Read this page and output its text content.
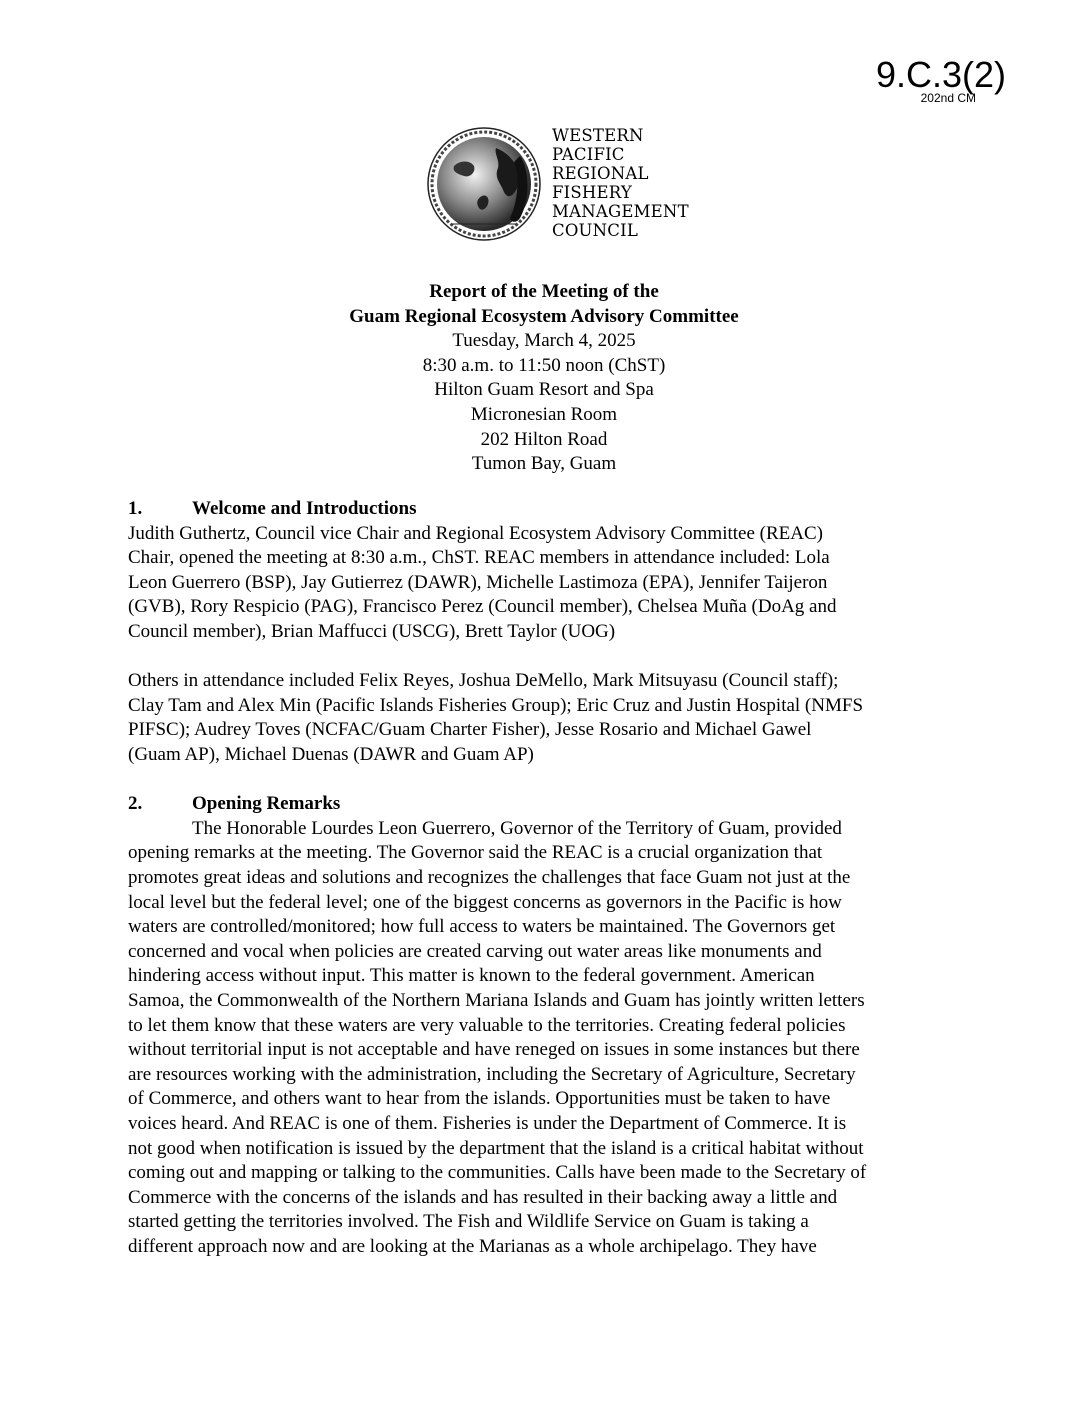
9.C.3(2)
202nd CM
WESTERN
PACIFIC
REGIONAL
FISHERY
MANAGEMENT
COUNCIL
Report of the Meeting of the
Guam Regional Ecosystem Advisory Committee
Tuesday, March 4, 2025
8:30 a.m. to 11:50 noon (ChST)
Hilton Guam Resort and Spa
Micronesian Room
202 Hilton Road
Tumon Bay, Guam
1.	Welcome and Introductions
Judith Guthertz, Council vice Chair and Regional Ecosystem Advisory Committee (REAC)
Chair, opened the meeting at 8:30 a.m., ChST. REAC members in attendance included: Lola
Leon Guerrero (BSP), Jay Gutierrez (DAWR), Michelle Lastimoza (EPA), Jennifer Taijeron
(GVB), Rory Respicio (PAG), Francisco Perez (Council member), Chelsea Muña (DoAg and
Council member), Brian Maffucci (USCG), Brett Taylor (UOG)
Others in attendance included Felix Reyes, Joshua DeMello, Mark Mitsuyasu (Council staff);
Clay Tam and Alex Min (Pacific Islands Fisheries Group); Eric Cruz and Justin Hospital (NMFS
PIFSC); Audrey Toves (NCFAC/Guam Charter Fisher), Jesse Rosario and Michael Gawel
(Guam AP), Michael Duenas (DAWR and Guam AP)
2.	Opening Remarks
The Honorable Lourdes Leon Guerrero, Governor of the Territory of Guam, provided
opening remarks at the meeting. The Governor said the REAC is a crucial organization that
promotes great ideas and solutions and recognizes the challenges that face Guam not just at the
local level but the federal level; one of the biggest concerns as governors in the Pacific is how
waters are controlled/monitored; how full access to waters be maintained. The Governors get
concerned and vocal when policies are created carving out water areas like monuments and
hindering access without input. This matter is known to the federal government. American
Samoa, the Commonwealth of the Northern Mariana Islands and Guam has jointly written letters
to let them know that these waters are very valuable to the territories. Creating federal policies
without territorial input is not acceptable and have reneged on issues in some instances but there
are resources working with the administration, including the Secretary of Agriculture, Secretary
of Commerce, and others want to hear from the islands. Opportunities must be taken to have
voices heard. And REAC is one of them. Fisheries is under the Department of Commerce. It is
not good when notification is issued by the department that the island is a critical habitat without
coming out and mapping or talking to the communities. Calls have been made to the Secretary of
Commerce with the concerns of the islands and has resulted in their backing away a little and
started getting the territories involved. The Fish and Wildlife Service on Guam is taking a
different approach now and are looking at the Marianas as a whole archipelago. They have
